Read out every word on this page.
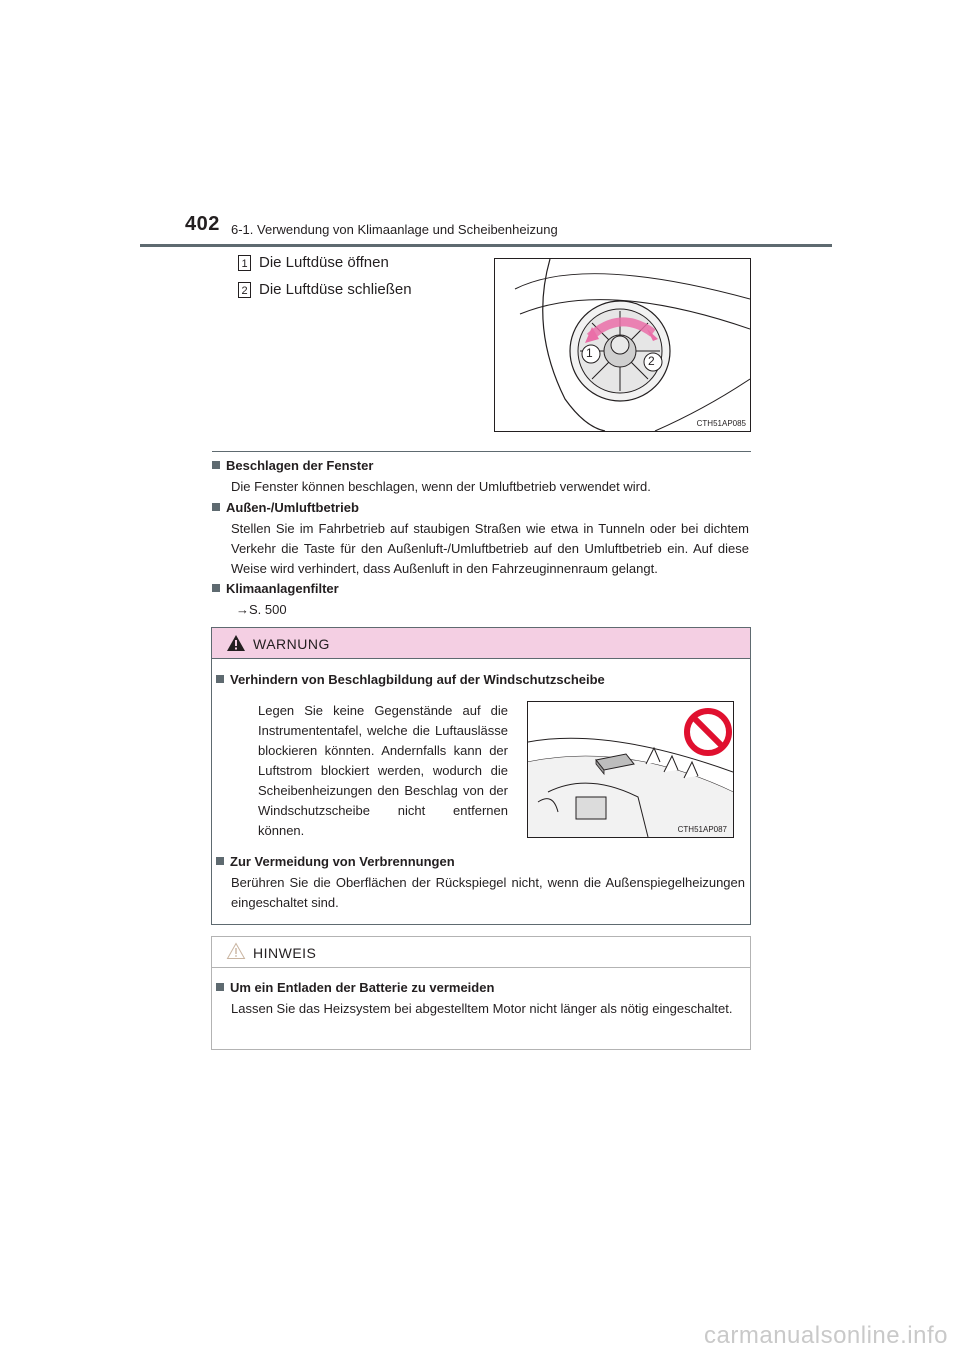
402 6-1. Verwendung von Klimaanlage und Scheibenheizung
1 Die Luftdüse öffnen
2 Die Luftdüse schließen
1
2
CTH51AP085
Beschlagen der Fenster
Die Fenster können beschlagen, wenn der Umluftbetrieb verwendet wird.
Außen-/Umluftbetrieb
Stellen Sie im Fahrbetrieb auf staubigen Straßen wie etwa in Tunneln oder bei dichtem Verkehr die Taste für den Außenluft-/Umluftbetrieb auf den Umluftbetrieb ein. Auf diese Weise wird verhindert, dass Außenluft in den Fahrzeuginnenraum gelangt.
Klimaanlagenfilter
→S. 500
WARNUNG
Verhindern von Beschlagbildung auf der Windschutzscheibe
Legen Sie keine Gegenstände auf die Instrumententafel, welche die Luftauslässe blockieren könnten. Andernfalls kann der Luftstrom blockiert werden, wodurch die Scheibenheizungen den Beschlag von der Windschutzscheibe nicht entfernen können.	CTH51AP087
Zur Vermeidung von Verbrennungen
Berühren Sie die Oberflächen der Rückspiegel nicht, wenn die Außenspiegelheizungen eingeschaltet sind.
HINWEIS
Um ein Entladen der Batterie zu vermeiden
Lassen Sie das Heizsystem bei abgestelltem Motor nicht länger als nötig eingeschaltet.
carmanualsonline.info
